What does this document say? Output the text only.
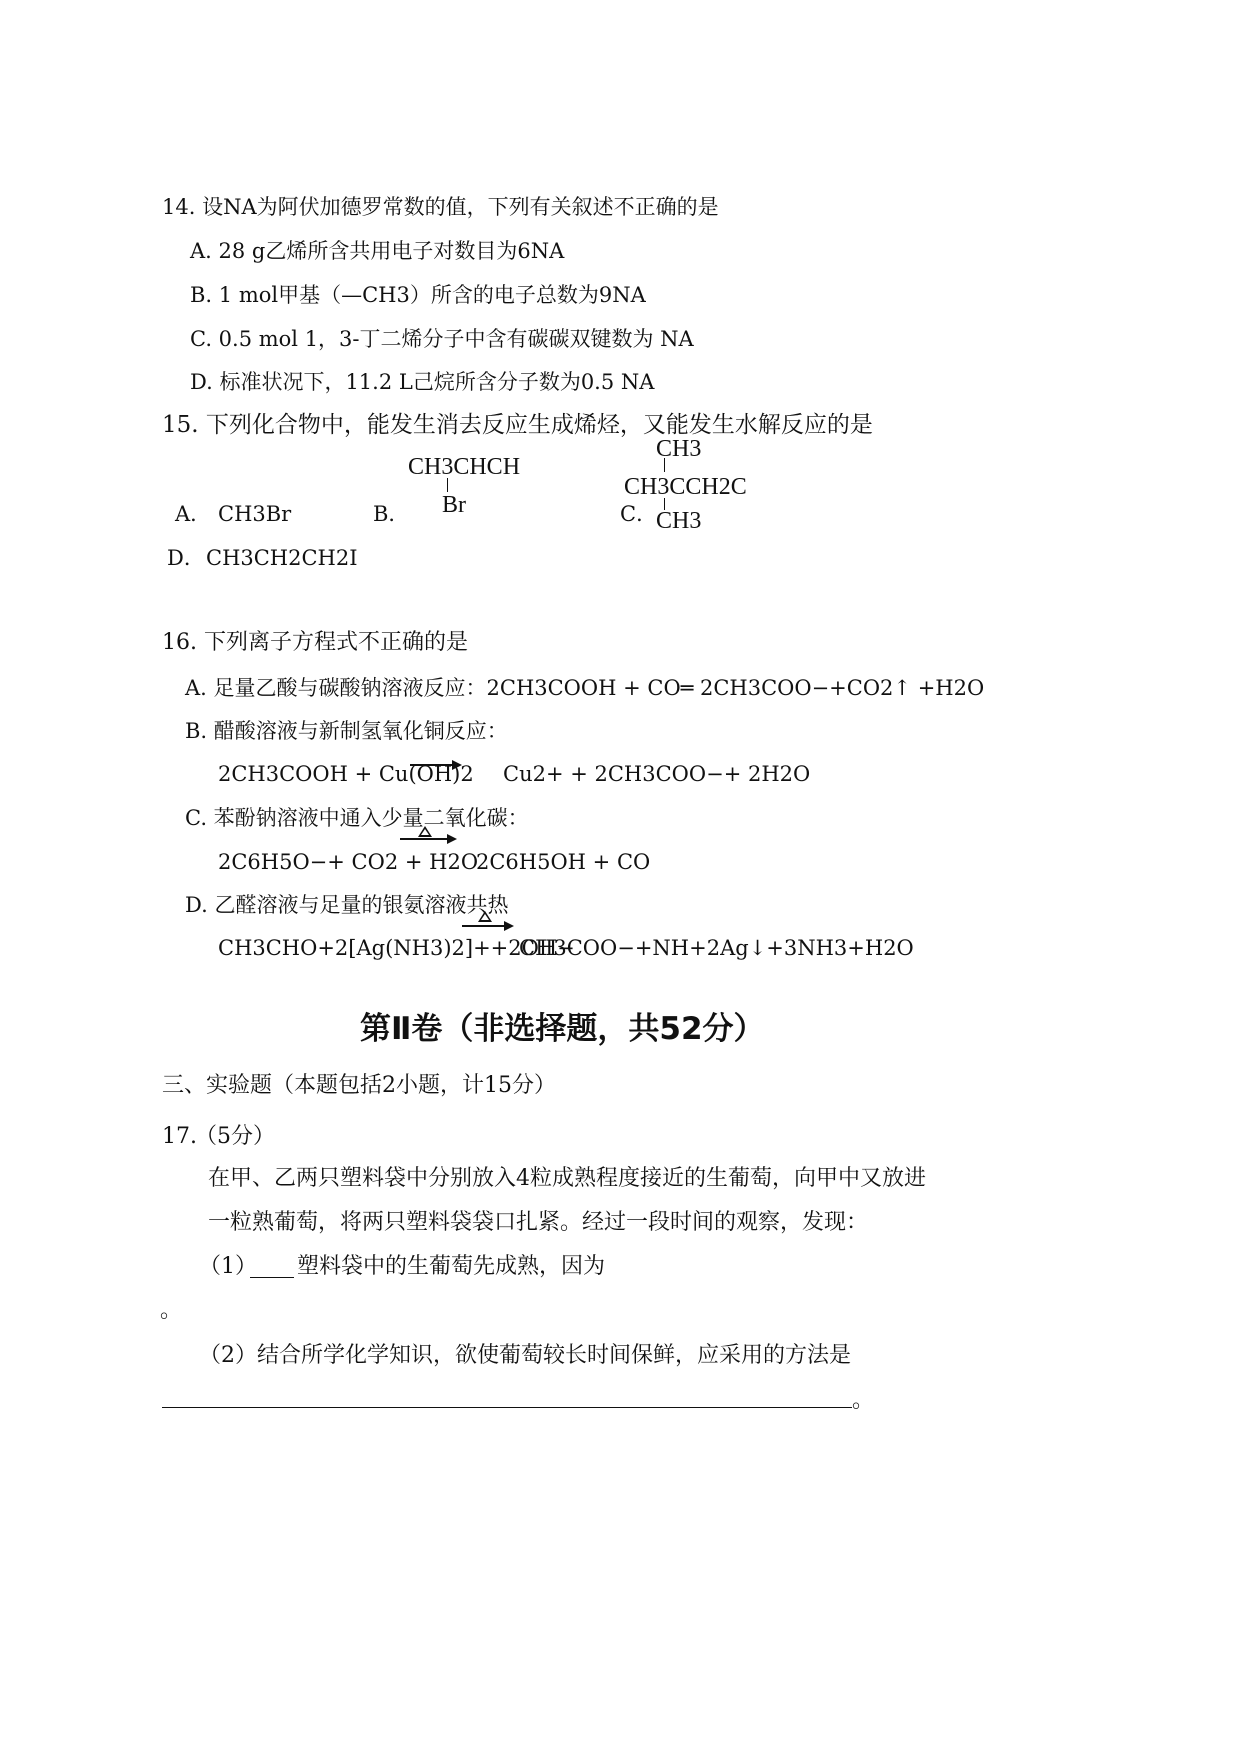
14. 设NA为阿伏加德罗常数的值，下列有关叙述不正确的是
A. 28 g乙烯所含共用电子对数目为6NA
B. 1 mol甲基（—CH3）所含的电子总数为9NA
C. 0.5 mol 1，3-丁二烯分子中含有碳碳双键数为 NA
D. 标准状况下，11.2 L己烷所含分子数为0.5 NA
15. 下列化合物中，能发生消去反应生成烯烃，又能发生水解反应的是
A． CH3Br	B．
CH3CHCH
Br	C．
CH3
CH3CCH2C
CH3
D． CH3CH2CH2I
16. 下列离子方程式不正确的是
A. 足量乙酸与碳酸钠溶液反应：2CH3COOH + CO═ 2CH3COO−+CO2↑ +H2O
B. 醋酸溶液与新制氢氧化铜反应：
2CH3COOH + Cu(OH)2 Cu2+ + 2CH3COO−+ 2H2O
C. 苯酚钠溶液中通入少量二氧化碳：
2C6H5O−+ CO2 + H2O
2C6H5OH + CO
D. 乙醛溶液与足量的银氨溶液共热
CH3CHO+2[Ag(NH3)2]++2OH−
CH3COO−+NH+2Ag↓+3NH3+H2O
第Ⅱ卷（非选择题，共52分）
三、实验题（本题包括2小题，计15分）
17.
（5分）
在甲、乙两只塑料袋中分别放入4粒成熟程度接近的生葡萄，向甲中又放进
一粒熟葡萄，将两只塑料袋袋口扎紧。经过一段时间的观察，发现：
（1） 塑料袋中的生葡萄先成熟，因为
。
（2）结合所学化学知识，欲使葡萄较长时间保鲜，应采用的方法是
。
